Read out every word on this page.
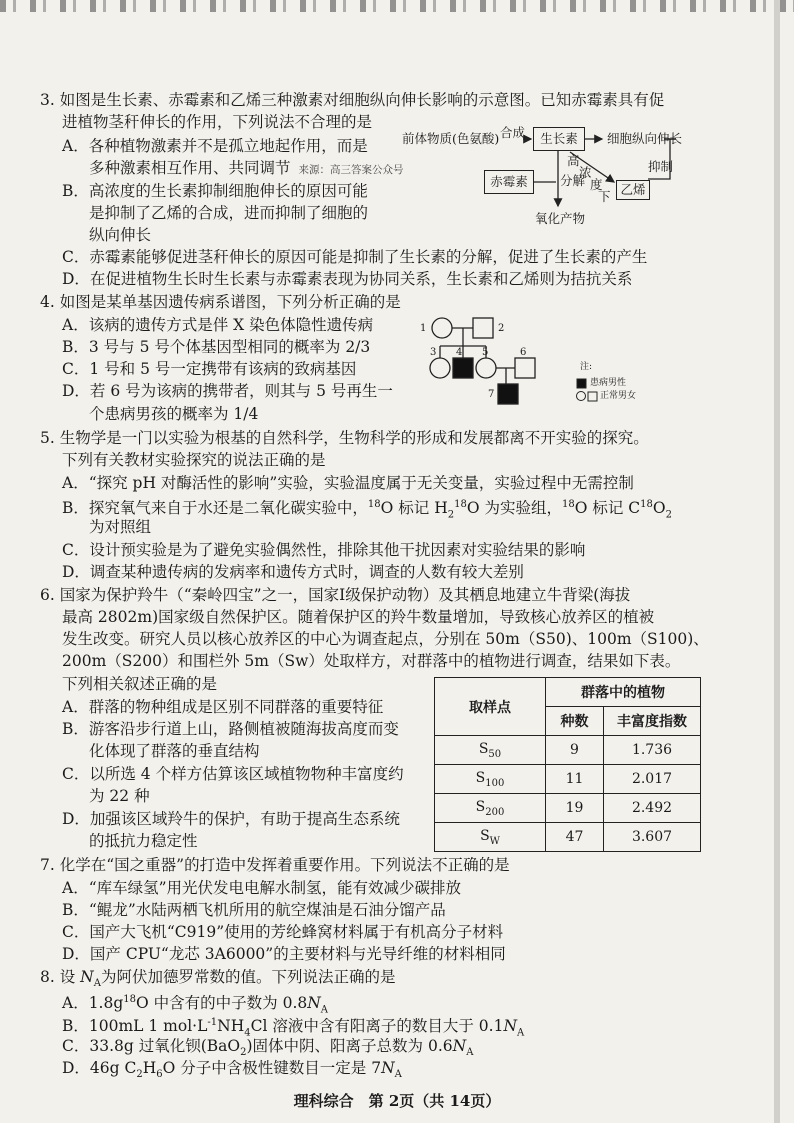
3. 如图是生长素、赤霉素和乙烯三种激素对细胞纵向伸长影响的示意图。已知赤霉素具有促
进植物茎秆伸长的作用，下列说法不合理的是
A．各种植物激素并不是孤立地起作用，而是
多种激素相互作用、共同调节 来源：高三答案公众号
B．高浓度的生长素抑制细胞伸长的原因可能
是抑制了乙烯的合成，进而抑制了细胞的
纵向伸长
C．赤霉素能够促进茎秆伸长的原因可能是抑制了生长素的分解，促进了生长素的产生
D．在促进植物生长时生长素与赤霉素表现为协同关系，生长素和乙烯则为拮抗关系
前体物质(色氨酸) 合成	生长素	细胞纵向伸长
高
浓
度
下
抑制
赤霉素	分解
乙烯
氧化产物
4. 如图是某单基因遗传病系谱图，下列分析正确的是
A．该病的遗传方式是伴 X 染色体隐性遗传病
B．3 号与 5 号个体基因型相同的概率为 2/3
C．1 号和 5 号一定携带有该病的致病基因
D．若 6 号为该病的携带者，则其与 5 号再生一
个患病男孩的概率为 1/4
1	2
3 4 5	6
7
注:
患病男性
正常男女
5. 生物学是一门以实验为根基的自然科学，生物科学的形成和发展都离不开实验的探究。
下列有关教材实验探究的说法正确的是
A．“探究 pH 对酶活性的影响”实验，实验温度属于无关变量，实验过程中无需控制
B．探究氧气来自于水还是二氧化碳实验中，$^{18}$O 标记 $H_2^{18}O$ 为实验组，$^{18}$O 标记 $C^{18}O_2$
为对照组
C．设计预实验是为了避免实验偶然性，排除其他干扰因素对实验结果的影响
D．调查某种遗传病的发病率和遗传方式时，调查的人数有较大差别
6. 国家为保护羚牛（“秦岭四宝”之一，国家Ⅰ级保护动物）及其栖息地建立牛背梁(海拔
最高 2802m)国家级自然保护区。随着保护区的羚牛数量增加，导致核心放养区的植被
发生改变。研究人员以核心放养区的中心为调查起点，分别在 50m（S50)、100m（S100)、
200m（S200）和围栏外 5m（Sw）处取样方，对群落中的植物进行调查，结果如下表。
下列相关叙述正确的是
A．群落的物种组成是区别不同群落的重要特征
B．游客沿步行道上山，路侧植被随海拔高度而变
化体现了群落的垂直结构
C．以所选 4 个样方估算该区域植物物种丰富度约
为 22 种
D．加强该区域羚牛的保护，有助于提高生态系统
的抵抗力稳定性
取样点	群落中的植物	
	种数	丰富度指数
$S_{50}$	9	1.736
$S_{100}$	11	2.017
$S_{200}$	19	2.492
$S_W$	47	3.607
7. 化学在“国之重器”的打造中发挥着重要作用。下列说法不正确的是
A．“库车绿氢”用光伏发电电解水制氢，能有效减少碳排放
B．“鲲龙”水陆两栖飞机所用的航空煤油是石油分馏产品
C．国产大飞机“C919”使用的芳纶蜂窝材料属于有机高分子材料
D．国产 CPU“龙芯 3A6000”的主要材料与光导纤维的材料相同
8. 设 $N_A$为阿伏加德罗常数的值。下列说法正确的是
A．$1.8g^{18}O$ 中含有的中子数为 $0.8N_A$
B．100mL 1 $mol\cdot L^{-1}NH_4Cl$ 溶液中含有阳离子的数目大于 $0.1N_A$
C．33.8g 过氧化钡(BaO$_2$)固体中阴、阳离子总数为 $0.6N_A$
D．46g $C_2H_6O$ 分子中含极性键数目一定是 $7N_A$
理科综合　第 2页（共 14页）
